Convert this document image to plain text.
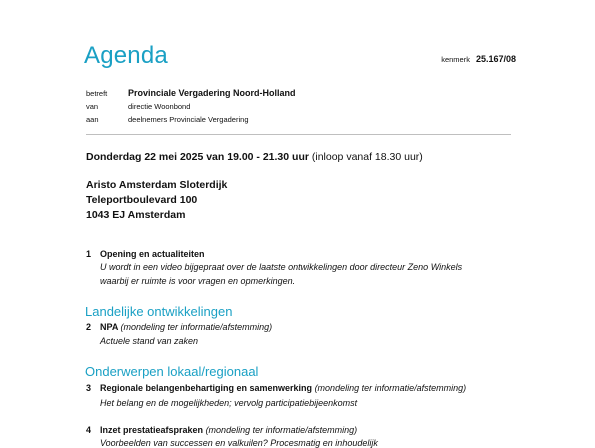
Agenda	kenmerk 25.167/08
betreft	Provinciale Vergadering Noord-Holland
van	directie Woonbond
aan	deelnemers Provinciale Vergadering
Donderdag 22 mei 2025 van 19.00 - 21.30 uur (inloop vanaf 18.30 uur)
Aristo Amsterdam Sloterdijk
Teleportboulevard 100
1043 EJ Amsterdam
1 Opening en actualiteiten
U wordt in een video bijgepraat over de laatste ontwikkelingen door directeur Zeno Winkels
waarbij er ruimte is voor vragen en opmerkingen.
Landelijke ontwikkelingen
2 NPA (mondeling ter informatie/afstemming)
Actuele stand van zaken
Onderwerpen lokaal/regionaal
3 Regionale belangenbehartiging en samenwerking (mondeling ter informatie/afstemming)
Het belang en de mogelijkheden; vervolg participatiebijeenkomst
4 Inzet prestatieafspraken (mondeling ter informatie/afstemming)
Voorbeelden van successen en valkuilen? Procesmatig en inhoudelijk
